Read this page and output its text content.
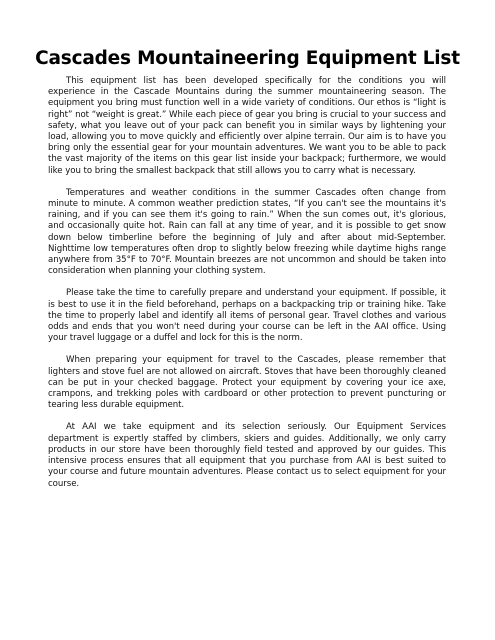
Cascades Mountaineering Equipment List

This equipment list has been developed specifically for the conditions you will experience in the Cascade Mountains during the summer mountaineering season. The equipment you bring must function well in a wide variety of conditions. Our ethos is “light is right” not “weight is great.” While each piece of gear you bring is crucial to your success and safety, what you leave out of your pack can benefit you in similar ways by lightening your load, allowing you to move quickly and efficiently over alpine terrain. Our aim is to have you bring only the essential gear for your mountain adventures. We want you to be able to pack the vast majority of the items on this gear list inside your backpack; furthermore, we would like you to bring the smallest backpack that still allows you to carry what is necessary.

Temperatures and weather conditions in the summer Cascades often change from minute to minute. A common weather prediction states, “If you can't see the mountains it's raining, and if you can see them it's going to rain.” When the sun comes out, it's glorious, and occasionally quite hot. Rain can fall at any time of year, and it is possible to get snow down below timberline before the beginning of July and after about mid-September. Nighttime low temperatures often drop to slightly below freezing while daytime highs range anywhere from 35°F to 70°F. Mountain breezes are not uncommon and should be taken into consideration when planning your clothing system.

Please take the time to carefully prepare and understand your equipment. If possible, it is best to use it in the field beforehand, perhaps on a backpacking trip or training hike. Take the time to properly label and identify all items of personal gear. Travel clothes and various odds and ends that you won't need during your course can be left in the AAI office. Using your travel luggage or a duffel and lock for this is the norm.

When preparing your equipment for travel to the Cascades, please remember that lighters and stove fuel are not allowed on aircraft. Stoves that have been thoroughly cleaned can be put in your checked baggage. Protect your equipment by covering your ice axe, crampons, and trekking poles with cardboard or other protection to prevent puncturing or tearing less durable equipment.

At AAI we take equipment and its selection seriously. Our Equipment Services department is expertly staffed by climbers, skiers and guides. Additionally, we only carry products in our store have been thoroughly field tested and approved by our guides. This intensive process ensures that all equipment that you purchase from AAI is best suited to your course and future mountain adventures. Please contact us to select equipment for your course.
